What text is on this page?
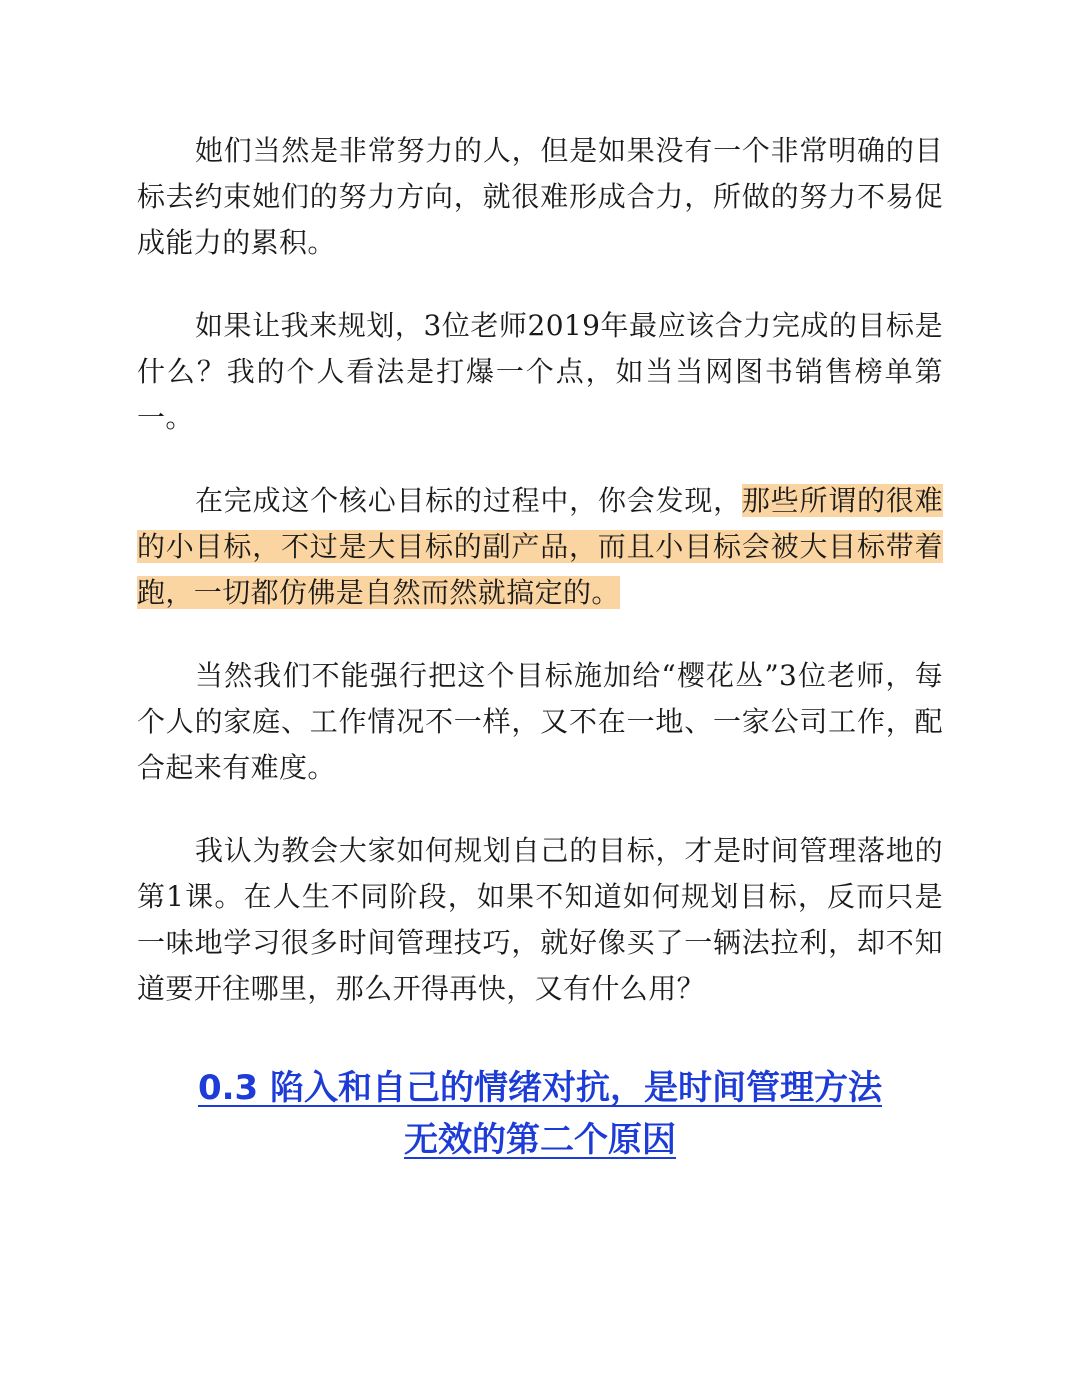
她们当然是非常努力的人，但是如果没有一个非常明确的目标去约束她们的努力方向，就很难形成合力，所做的努力不易促成能力的累积。

如果让我来规划，3位老师2019年最应该合力完成的目标是什么？我的个人看法是打爆一个点，如当当网图书销售榜单第一。

在完成这个核心目标的过程中，你会发现，那些所谓的很难的小目标，不过是大目标的副产品，而且小目标会被大目标带着跑，一切都仿佛是自然而然就搞定的。

当然我们不能强行把这个目标施加给“樱花丛”3位老师，每个人的家庭、工作情况不一样，又不在一地、一家公司工作，配合起来有难度。

我认为教会大家如何规划自己的目标，才是时间管理落地的第1课。在人生不同阶段，如果不知道如何规划目标，反而只是一味地学习很多时间管理技巧，就好像买了一辆法拉利，却不知道要开往哪里，那么开得再快，又有什么用？

0.3 陷入和自己的情绪对抗，是时间管理方法
无效的第二个原因
